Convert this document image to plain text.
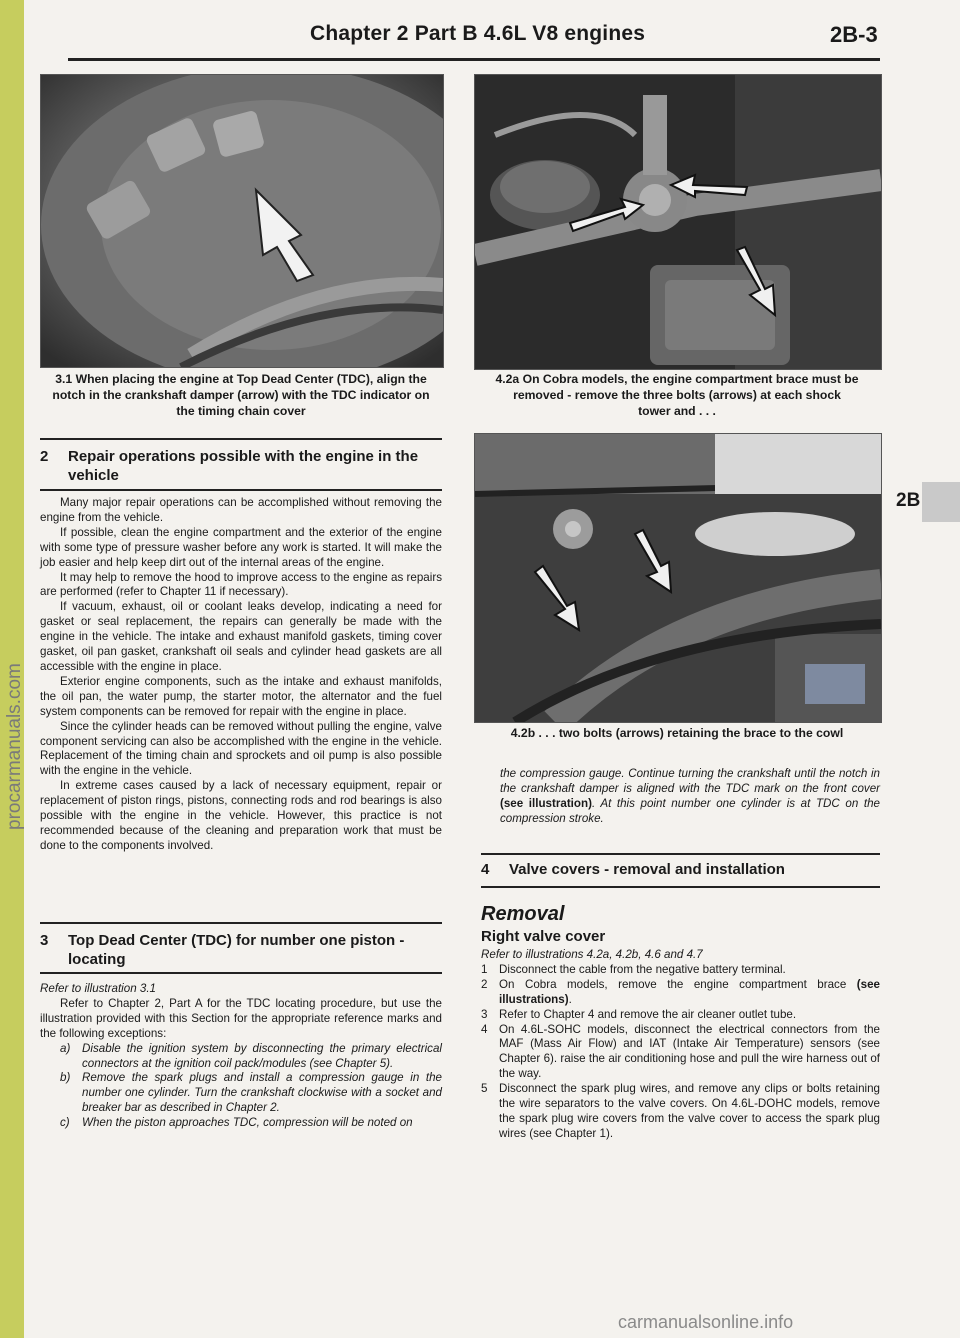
procarmanuals.com
Chapter 2 Part B 4.6L V8 engines	2B-3
3.1 When placing the engine at Top Dead Center (TDC), align the
notch in the crankshaft damper (arrow) with the TDC indicator on
the timing chain cover
4.2a On Cobra models, the engine compartment brace must be
removed - remove the three bolts (arrows) at each shock
tower and . . .
4.2b . . . two bolts (arrows) retaining the brace to the cowl
2 Repair operations possible with the engine in the
vehicle

Many major repair operations can be accomplished without removing the engine from the vehicle.

If possible, clean the engine compartment and the exterior of the engine with some type of pressure washer before any work is started. It will make the job easier and help keep dirt out of the internal areas of the engine.

It may help to remove the hood to improve access to the engine as repairs are performed (refer to Chapter 11 if necessary).

If vacuum, exhaust, oil or coolant leaks develop, indicating a need for gasket or seal replacement, the repairs can generally be made with the engine in the vehicle. The intake and exhaust manifold gaskets, timing cover gasket, oil pan gasket, crankshaft oil seals and cylinder head gaskets are all accessible with the engine in place.

Exterior engine components, such as the intake and exhaust manifolds, the oil pan, the water pump, the starter motor, the alternator and the fuel system components can be removed for repair with the engine in place.

Since the cylinder heads can be removed without pulling the engine, valve component servicing can also be accomplished with the engine in the vehicle. Replacement of the timing chain and sprockets and oil pump is also possible with the engine in the vehicle.

In extreme cases caused by a lack of necessary equipment, repair or replacement of piston rings, pistons, connecting rods and rod bearings is also possible with the engine in the vehicle. However, this practice is not recommended because of the cleaning and preparation work that must be done to the components involved.

3 Top Dead Center (TDC) for number one piston -
locating

Refer to illustration 3.1

Refer to Chapter 2, Part A for the TDC locating procedure, but use the illustration provided with this Section for the appropriate reference marks and the following exceptions:

a)	Disable the ignition system by disconnecting the primary electrical connectors at the ignition coil pack/modules (see Chapter 5).
b)	Remove the spark plugs and install a compression gauge in the number one cylinder. Turn the crankshaft clockwise with a socket and breaker bar as described in Chapter 2.
c)	When the piston approaches TDC, compression will be noted on
the compression gauge. Continue turning the crankshaft until the notch in the crankshaft damper is aligned with the TDC mark on the front cover (see illustration). At this point number one cylinder is at TDC on the compression stroke.
4 Valve covers - removal and installation
Removal
Right valve cover

Refer to illustrations 4.2a, 4.2b, 4.6 and 4.7

1 Disconnect the cable from the negative battery terminal.
2 On Cobra models, remove the engine compartment brace (see illustrations).
3 Refer to Chapter 4 and remove the air cleaner outlet tube.
4 On 4.6L-SOHC models, disconnect the electrical connectors from the MAF (Mass Air Flow) and IAT (Intake Air Temperature) sensors (see Chapter 6). raise the air conditioning hose and pull the wire harness out of the way.
5 Disconnect the spark plug wires, and remove any clips or bolts retaining the wire separators to the valve covers. On 4.6L-DOHC models, remove the spark plug wire covers from the valve cover to access the spark plug wires (see Chapter 1).
2B
carmanualsonline.info
